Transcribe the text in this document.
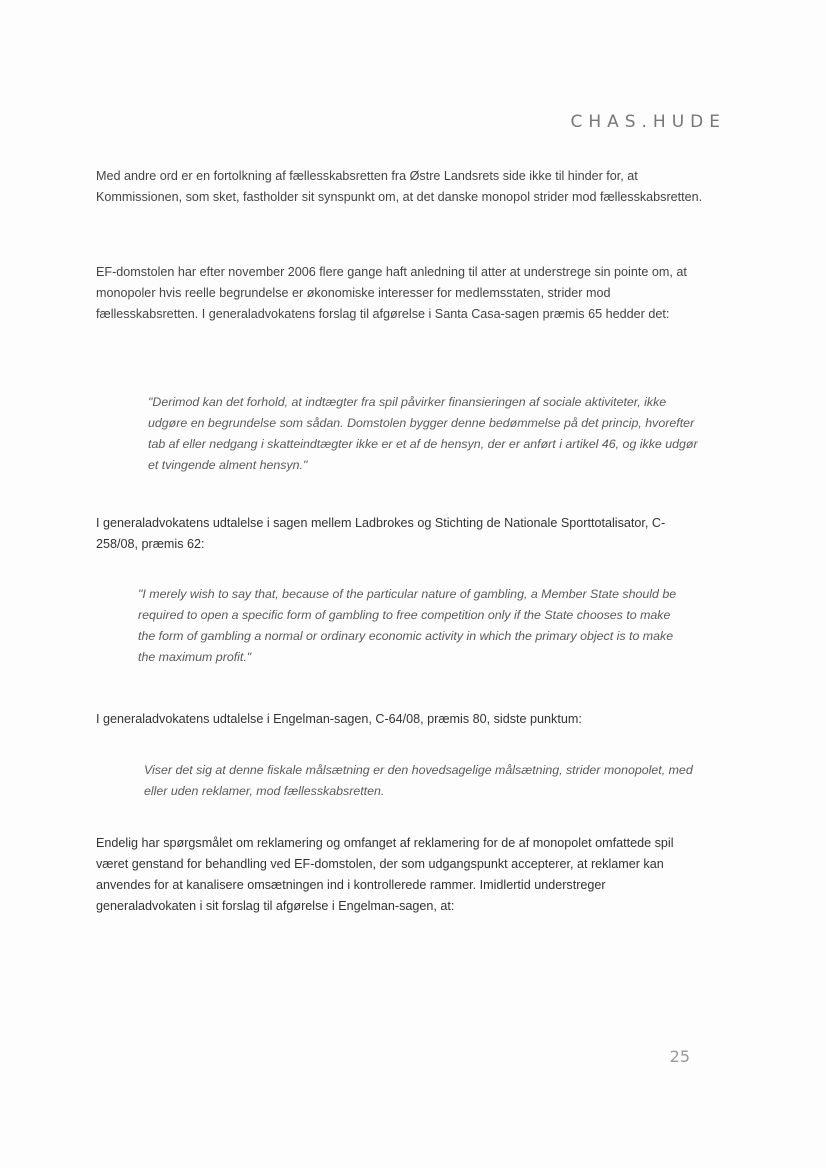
CHAS.HUDE

Med andre ord er en fortolkning af fællesskabsretten fra Østre Landsrets side ikke til hinder for, at Kommissionen, som sket, fastholder sit synspunkt om, at det danske monopol strider mod fællesskabsretten.

EF-domstolen har efter november 2006 flere gange haft anledning til atter at understrege sin pointe om, at monopoler hvis reelle begrundelse er økonomiske interesser for medlemsstaten, strider mod fællesskabsretten. I generaladvokatens forslag til afgørelse i Santa Casa-sagen præmis 65 hedder det:

"Derimod kan det forhold, at indtægter fra spil påvirker finansieringen af sociale aktiviteter, ikke udgøre en begrundelse som sådan. Domstolen bygger denne bedømmelse på det princip, hvorefter tab af eller nedgang i skatteindtægter ikke er et af de hensyn, der er anført i artikel 46, og ikke udgør et tvingende alment hensyn."

I generaladvokatens udtalelse i sagen mellem Ladbrokes og Stichting de Nationale Sporttotalisator, C-258/08, præmis 62:

"I merely wish to say that, because of the particular nature of gambling, a Member State should be required to open a specific form of gambling to free competition only if the State chooses to make the form of gambling a normal or ordinary economic activity in which the primary object is to make the maximum profit."

I generaladvokatens udtalelse i Engelman-sagen, C-64/08, præmis 80, sidste punktum:

Viser det sig at denne fiskale målsætning er den hovedsagelige målsætning, strider monopolet, med eller uden reklamer, mod fællesskabsretten.

Endelig har spørgsmålet om reklamering og omfanget af reklamering for de af monopolet omfattede spil været genstand for behandling ved EF-domstolen, der som udgangspunkt accepterer, at reklamer kan anvendes for at kanalisere omsætningen ind i kontrollerede rammer. Imidlertid understreger generaladvokaten i sit forslag til afgørelse i Engelman-sagen, at:

25
